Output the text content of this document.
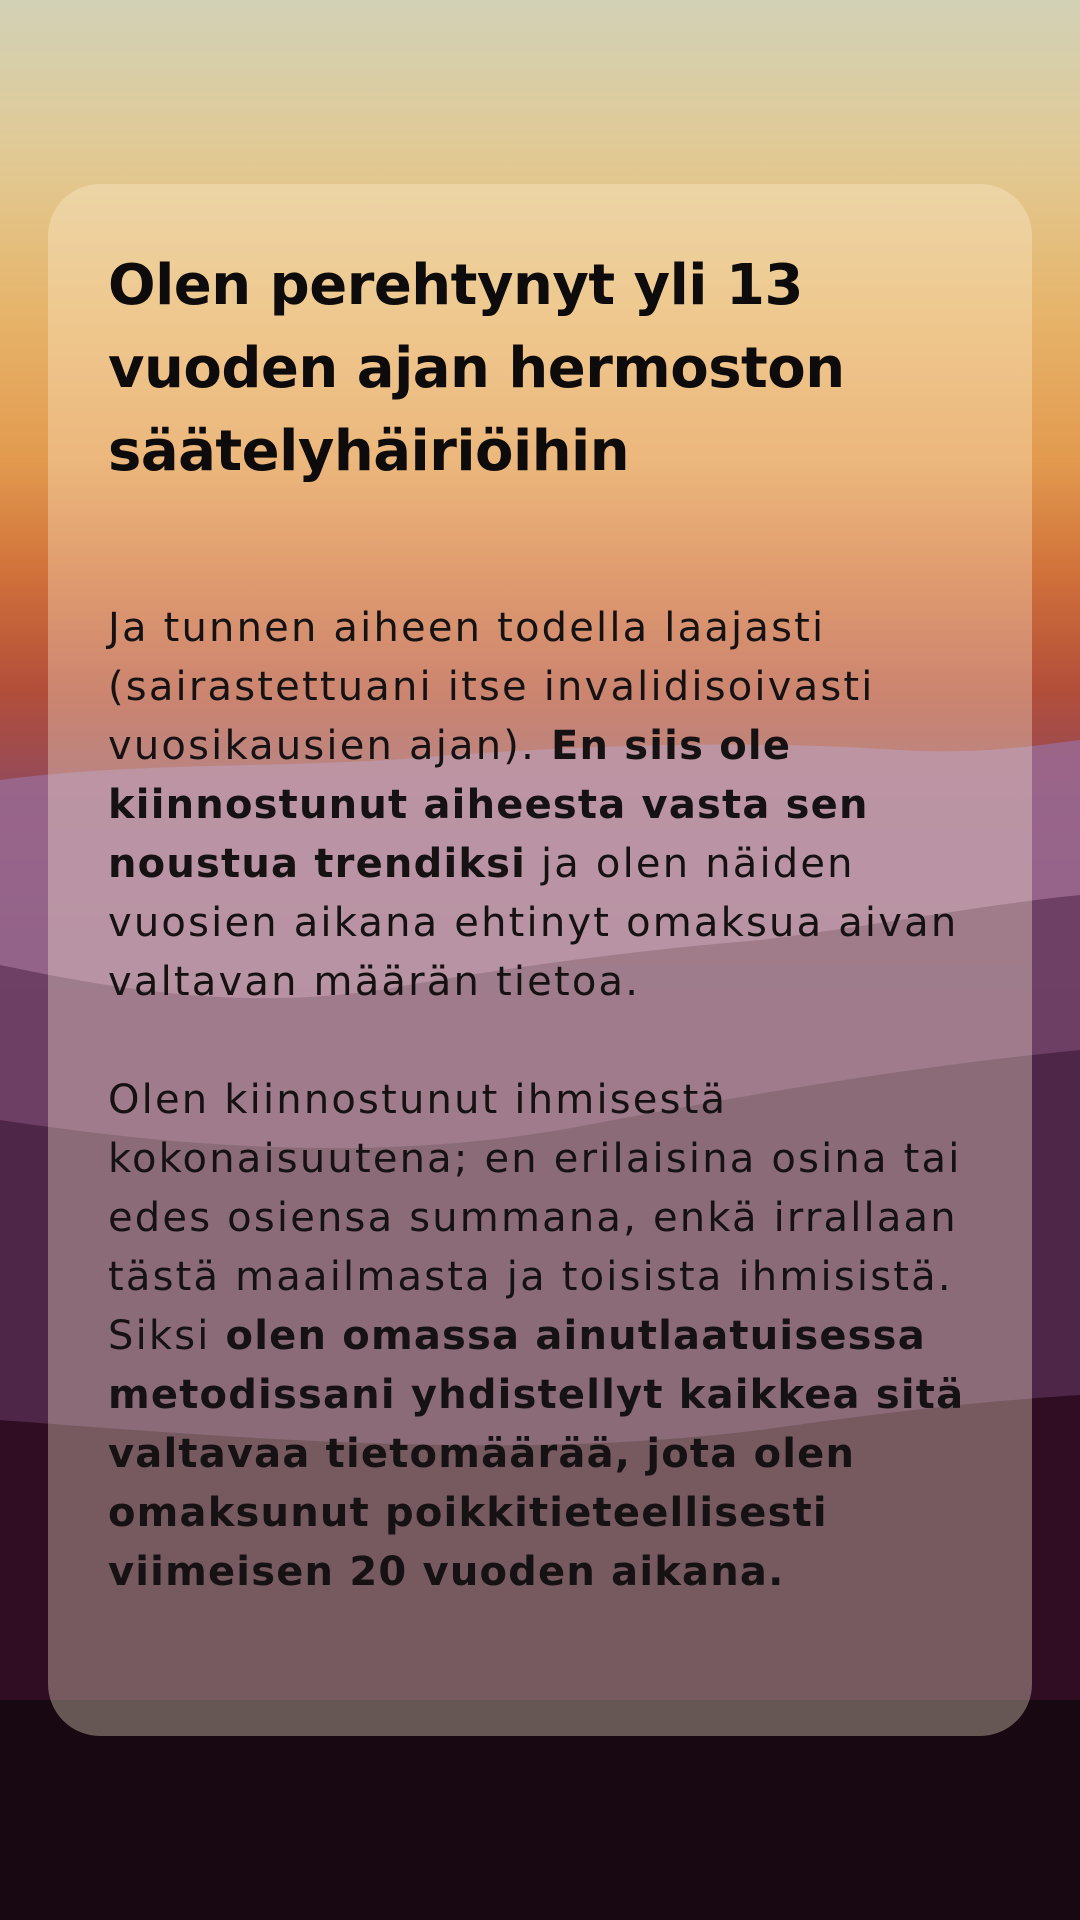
Olen perehtynyt yli 13 vuoden ajan hermoston säätelyhäiriöihin

Ja tunnen aiheen todella laajasti (sairastettuani itse invalidisoivasti vuosikausien ajan). En siis ole kiinnostunut aiheesta vasta sen noustua trendiksi ja olen näiden vuosien aikana ehtinyt omaksua aivan valtavan määrän tietoa.

Olen kiinnostunut ihmisestä kokonaisuutena; en erilaisina osina tai edes osiensa summana, enkä irrallaan tästä maailmasta ja toisista ihmisistä. Siksi olen omassa ainutlaatuisessa metodissani yhdistellyt kaikkea sitä valtavaa tietomäärää, jota olen omaksunut poikkitieteellisesti viimeisen 20 vuoden aikana.
